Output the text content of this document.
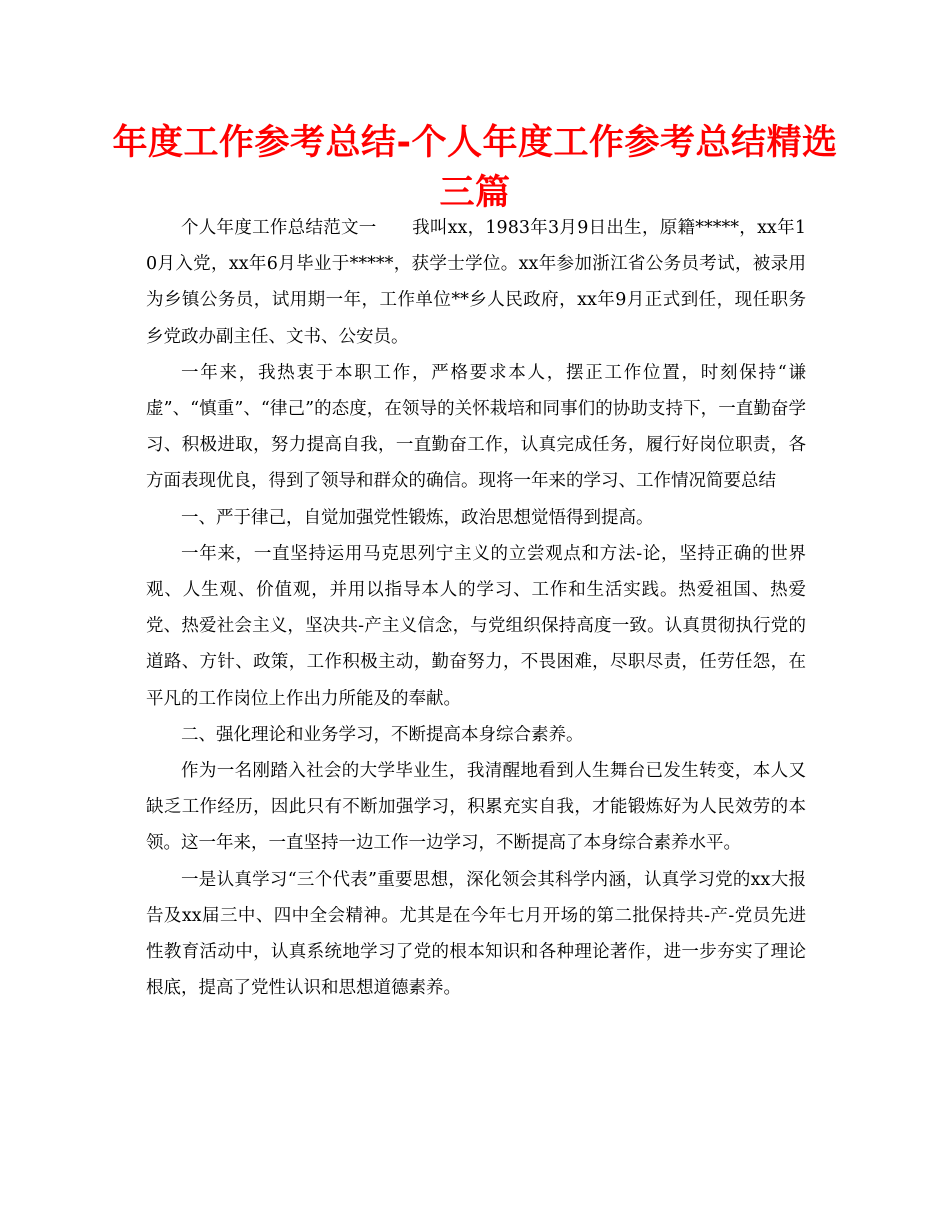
年度工作参考总结-个人年度工作参考总结精选三篇

个人年度工作总结范文一　　我叫xx，1983年3月9日出生，原籍*****，xx年10月入党，xx年6月毕业于*****，获学士学位。xx年参加浙江省公务员考试，被录用为乡镇公务员，试用期一年，工作单位**乡人民政府，xx年9月正式到任，现任职务乡党政办副主任、文书、公安员。

一年来，我热衷于本职工作，严格要求本人，摆正工作位置，时刻保持“谦虚”、“慎重”、“律己”的态度，在领导的关怀栽培和同事们的协助支持下，一直勤奋学习、积极进取，努力提高自我，一直勤奋工作，认真完成任务，履行好岗位职责，各方面表现优良，得到了领导和群众的确信。现将一年来的学习、工作情况简要总结

一、严于律己，自觉加强党性锻炼，政治思想觉悟得到提高。

一年来，一直坚持运用马克思列宁主义的立尝观点和方法-论，坚持正确的世界观、人生观、价值观，并用以指导本人的学习、工作和生活实践。热爱祖国、热爱党、热爱社会主义，坚决共-产主义信念，与党组织保持高度一致。认真贯彻执行党的道路、方针、政策，工作积极主动，勤奋努力，不畏困难，尽职尽责，任劳任怨，在平凡的工作岗位上作出力所能及的奉献。

二、强化理论和业务学习，不断提高本身综合素养。

作为一名刚踏入社会的大学毕业生，我清醒地看到人生舞台已发生转变，本人又缺乏工作经历，因此只有不断加强学习，积累充实自我，才能锻炼好为人民效劳的本领。这一年来，一直坚持一边工作一边学习，不断提高了本身综合素养水平。

一是认真学习“三个代表”重要思想，深化领会其科学内涵，认真学习党的xx大报告及xx届三中、四中全会精神。尤其是在今年七月开场的第二批保持共-产-党员先进性教育活动中，认真系统地学习了党的根本知识和各种理论著作，进一步夯实了理论根底，提高了党性认识和思想道德素养。
